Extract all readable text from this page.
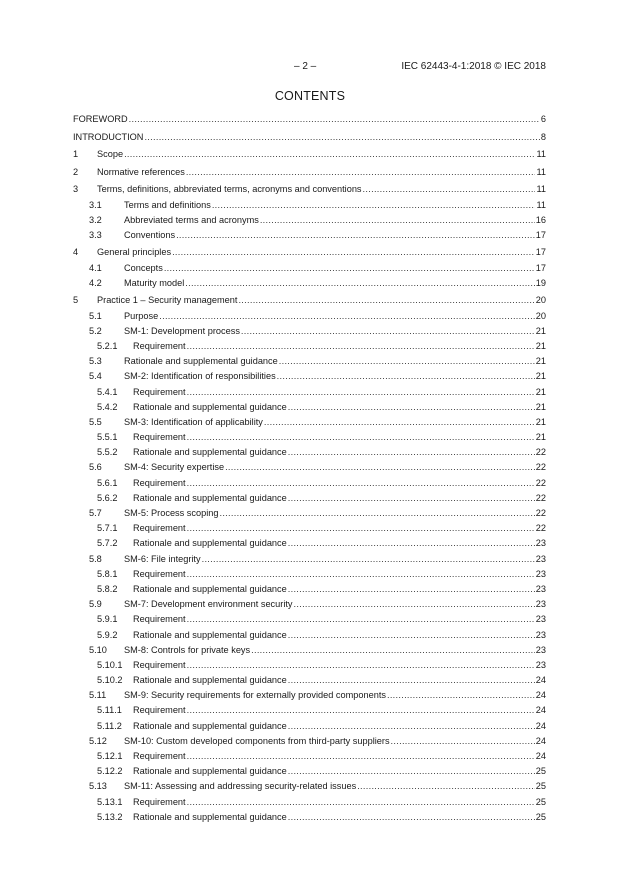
– 2 –	IEC 62443-4-1:2018 © IEC 2018
CONTENTS
FOREWORD .....	6
INTRODUCTION .....	8
1	Scope .....	11
2	Normative references .....	11
3	Terms, definitions, abbreviated terms, acronyms and conventions .....	11
3.1	Terms and definitions .....	11
3.2	Abbreviated terms and acronyms .....	16
3.3	Conventions .....	17
4	General principles .....	17
4.1	Concepts .....	17
4.2	Maturity model .....	19
5	Practice 1 – Security management .....	20
5.1	Purpose .....	20
5.2	SM-1: Development process .....	21
5.2.1	Requirement .....	21
5.3	Rationale and supplemental guidance .....	21
5.4	SM-2: Identification of responsibilities .....	21
5.4.1	Requirement .....	21
5.4.2	Rationale and supplemental guidance .....	21
5.5	SM-3: Identification of applicability .....	21
5.5.1	Requirement .....	21
5.5.2	Rationale and supplemental guidance .....	22
5.6	SM-4: Security expertise .....	22
5.6.1	Requirement .....	22
5.6.2	Rationale and supplemental guidance .....	22
5.7	SM-5: Process scoping .....	22
5.7.1	Requirement .....	22
5.7.2	Rationale and supplemental guidance .....	23
5.8	SM-6: File integrity .....	23
5.8.1	Requirement .....	23
5.8.2	Rationale and supplemental guidance .....	23
5.9	SM-7: Development environment security .....	23
5.9.1	Requirement .....	23
5.9.2	Rationale and supplemental guidance .....	23
5.10	SM-8: Controls for private keys .....	23
5.10.1	Requirement .....	23
5.10.2	Rationale and supplemental guidance .....	24
5.11	SM-9: Security requirements for externally provided components .....	24
5.11.1	Requirement .....	24
5.11.2	Rationale and supplemental guidance .....	24
5.12	SM-10: Custom developed components from third-party suppliers .....	24
5.12.1	Requirement .....	24
5.12.2	Rationale and supplemental guidance .....	25
5.13	SM-11: Assessing and addressing security-related issues .....	25
5.13.1	Requirement .....	25
5.13.2	Rationale and supplemental guidance .....	25
